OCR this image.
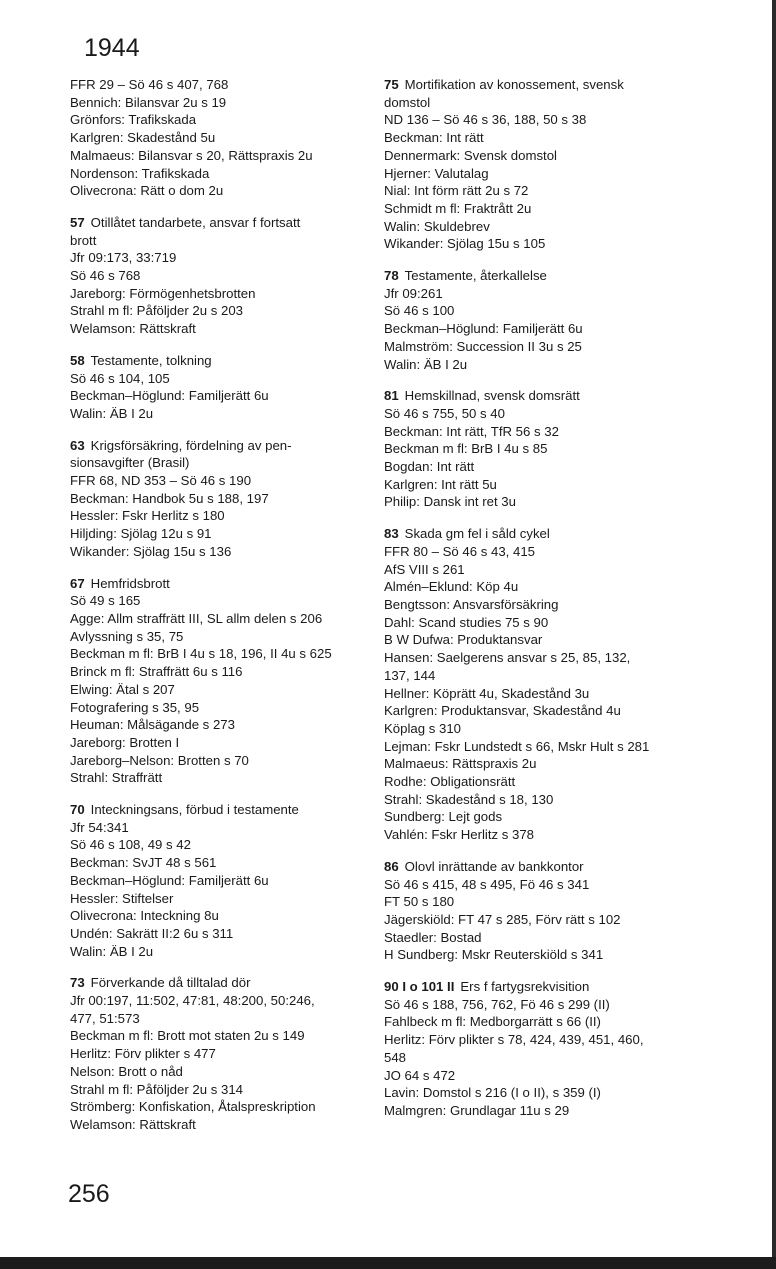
1944
FFR 29 – Sö 46 s 407, 768
Bennich: Bilansvar 2u s 19
Grönfors: Trafikskada
Karlgren: Skadestånd 5u
Malmaeus: Bilansvar s 20, Rättspraxis 2u
Nordenson: Trafikskada
Olivecrona: Rätt o dom 2u
57 Otillåtet tandarbete, ansvar f fortsatt
brott
Jfr 09:173, 33:719
Sö 46 s 768
Jareborg: Förmögenhetsbrotten
Strahl m fl: Påföljder 2u s 203
Welamson: Rättskraft
58 Testamente, tolkning
Sö 46 s 104, 105
Beckman–Höglund: Familjerätt 6u
Walin: ÄB I 2u
63 Krigsförsäkring, fördelning av pen-
sionsavgifter (Brasil)
FFR 68, ND 353 – Sö 46 s 190
Beckman: Handbok 5u s 188, 197
Hessler: Fskr Herlitz s 180
Hiljding: Sjölag 12u s 91
Wikander: Sjölag 15u s 136
67 Hemfridsbrott
Sö 49 s 165
Agge: Allm straffrätt III, SL allm delen s 206
Avlyssning s 35, 75
Beckman m fl: BrB I 4u s 18, 196, II 4u s 625
Brinck m fl: Straffrätt 6u s 116
Elwing: Ätal s 207
Fotografering s 35, 95
Heuman: Målsägande s 273
Jareborg: Brotten I
Jareborg–Nelson: Brotten s 70
Strahl: Straffrätt
70 Inteckningsans, förbud i testamente
Jfr 54:341
Sö 46 s 108, 49 s 42
Beckman: SvJT 48 s 561
Beckman–Höglund: Familjerätt 6u
Hessler: Stiftelser
Olivecrona: Inteckning 8u
Undén: Sakrätt II:2 6u s 311
Walin: ÄB I 2u
73 Förverkande då tilltalad dör
Jfr 00:197, 11:502, 47:81, 48:200, 50:246,
477, 51:573
Beckman m fl: Brott mot staten 2u s 149
Herlitz: Förv plikter s 477
Nelson: Brott o nåd
Strahl m fl: Påföljder 2u s 314
Strömberg: Konfiskation, Åtalspreskription
Welamson: Rättskraft
75 Mortifikation av konossement, svensk
domstol
ND 136 – Sö 46 s 36, 188, 50 s 38
Beckman: Int rätt
Dennermark: Svensk domstol
Hjerner: Valutalag
Nial: Int förm rätt 2u s 72
Schmidt m fl: Fraktrått 2u
Walin: Skuldebrev
Wikander: Sjölag 15u s 105
78 Testamente, återkallelse
Jfr 09:261
Sö 46 s 100
Beckman–Höglund: Familjerätt 6u
Malmström: Succession II 3u s 25
Walin: ÄB I 2u
81 Hemskillnad, svensk domsrätt
Sö 46 s 755, 50 s 40
Beckman: Int rätt, TfR 56 s 32
Beckman m fl: BrB I 4u s 85
Bogdan: Int rätt
Karlgren: Int rätt 5u
Philip: Dansk int ret 3u
83 Skada gm fel i såld cykel
FFR 80 – Sö 46 s 43, 415
AfS VIII s 261
Almén–Eklund: Köp 4u
Bengtsson: Ansvarsförsäkring
Dahl: Scand studies 75 s 90
B W Dufwa: Produktansvar
Hansen: Saelgerens ansvar s 25, 85, 132,
137, 144
Hellner: Köprätt 4u, Skadestånd 3u
Karlgren: Produktansvar, Skadestånd 4u
Köplag s 310
Lejman: Fskr Lundstedt s 66, Mskr Hult s 281
Malmaeus: Rättspraxis 2u
Rodhe: Obligationsrätt
Strahl: Skadestånd s 18, 130
Sundberg: Lejt gods
Vahlén: Fskr Herlitz s 378
86 Olovl inrättande av bankkontor
Sö 46 s 415, 48 s 495, Fö 46 s 341
FT 50 s 180
Jägerskiöld: FT 47 s 285, Förv rätt s 102
Staedler: Bostad
H Sundberg: Mskr Reuterskiöld s 341
90 I o 101 II Ers f fartygsrekvisition
Sö 46 s 188, 756, 762, Fö 46 s 299 (II)
Fahlbeck m fl: Medborgarrätt s 66 (II)
Herlitz: Förv plikter s 78, 424, 439, 451, 460,
548
JO 64 s 472
Lavin: Domstol s 216 (I o II), s 359 (I)
Malmgren: Grundlagar 11u s 29
256
